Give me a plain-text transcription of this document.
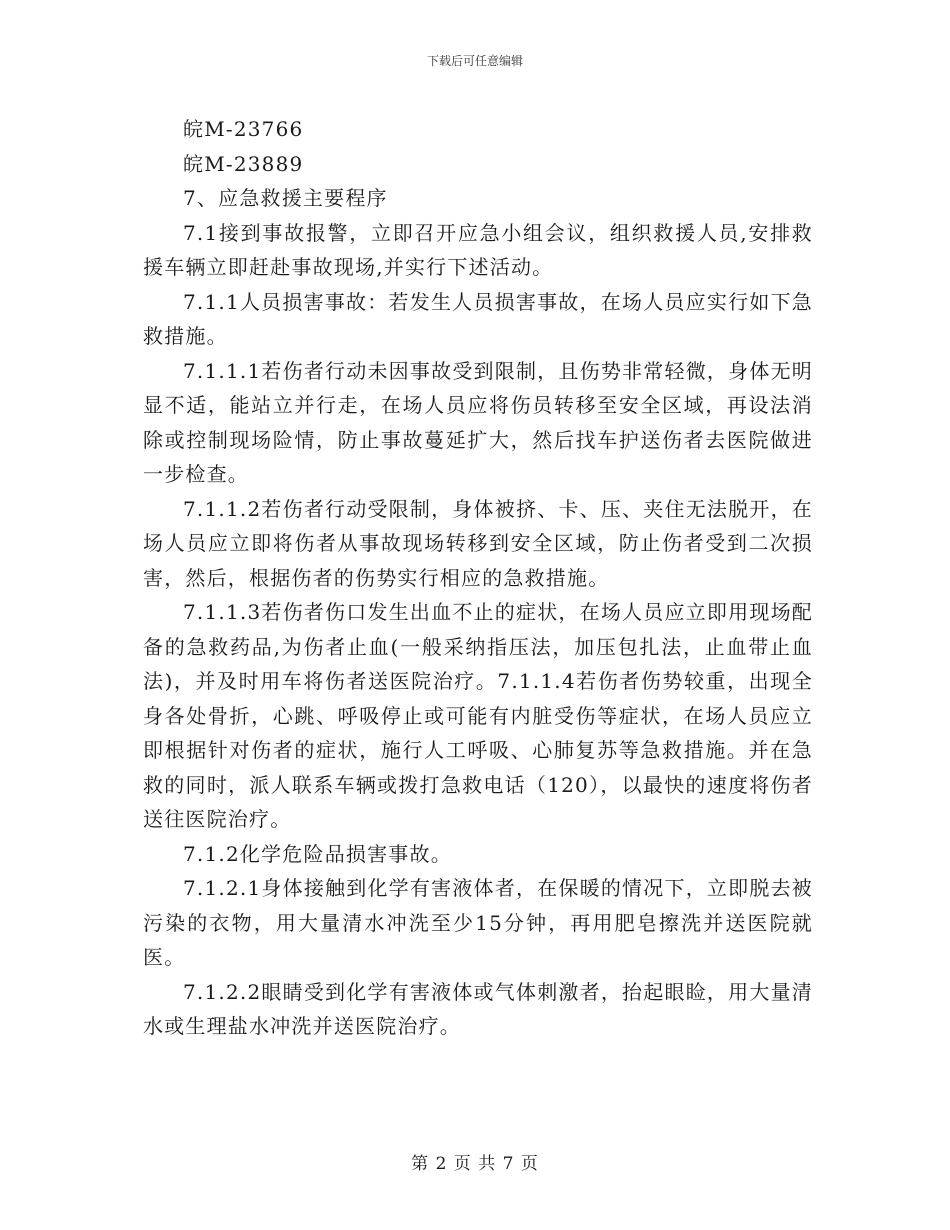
下载后可任意编辑

皖M-23766

皖M-23889

7、应急救援主要程序

7.1接到事故报警，立即召开应急小组会议，组织救援人员,安排救援车辆立即赶赴事故现场,并实行下述活动。

7.1.1人员损害事故：若发生人员损害事故，在场人员应实行如下急救措施。

7.1.1.1若伤者行动未因事故受到限制，且伤势非常轻微，身体无明显不适，能站立并行走，在场人员应将伤员转移至安全区域，再设法消除或控制现场险情，防止事故蔓延扩大，然后找车护送伤者去医院做进一步检查。

7.1.1.2若伤者行动受限制，身体被挤、卡、压、夹住无法脱开，在场人员应立即将伤者从事故现场转移到安全区域，防止伤者受到二次损害，然后，根据伤者的伤势实行相应的急救措施。

7.1.1.3若伤者伤口发生出血不止的症状，在场人员应立即用现场配备的急救药品,为伤者止血(一般采纳指压法，加压包扎法，止血带止血法)，并及时用车将伤者送医院治疗。7.1.1.4若伤者伤势较重，出现全身各处骨折，心跳、呼吸停止或可能有内脏受伤等症状，在场人员应立即根据针对伤者的症状，施行人工呼吸、心肺复苏等急救措施。并在急救的同时，派人联系车辆或拨打急救电话（120），以最快的速度将伤者送往医院治疗。

7.1.2化学危险品损害事故。

7.1.2.1身体接触到化学有害液体者，在保暖的情况下，立即脱去被污染的衣物，用大量清水冲洗至少15分钟，再用肥皂擦洗并送医院就医。

7.1.2.2眼睛受到化学有害液体或气体刺激者，抬起眼睑，用大量清水或生理盐水冲洗并送医院治疗。

第 2 页 共 7 页
